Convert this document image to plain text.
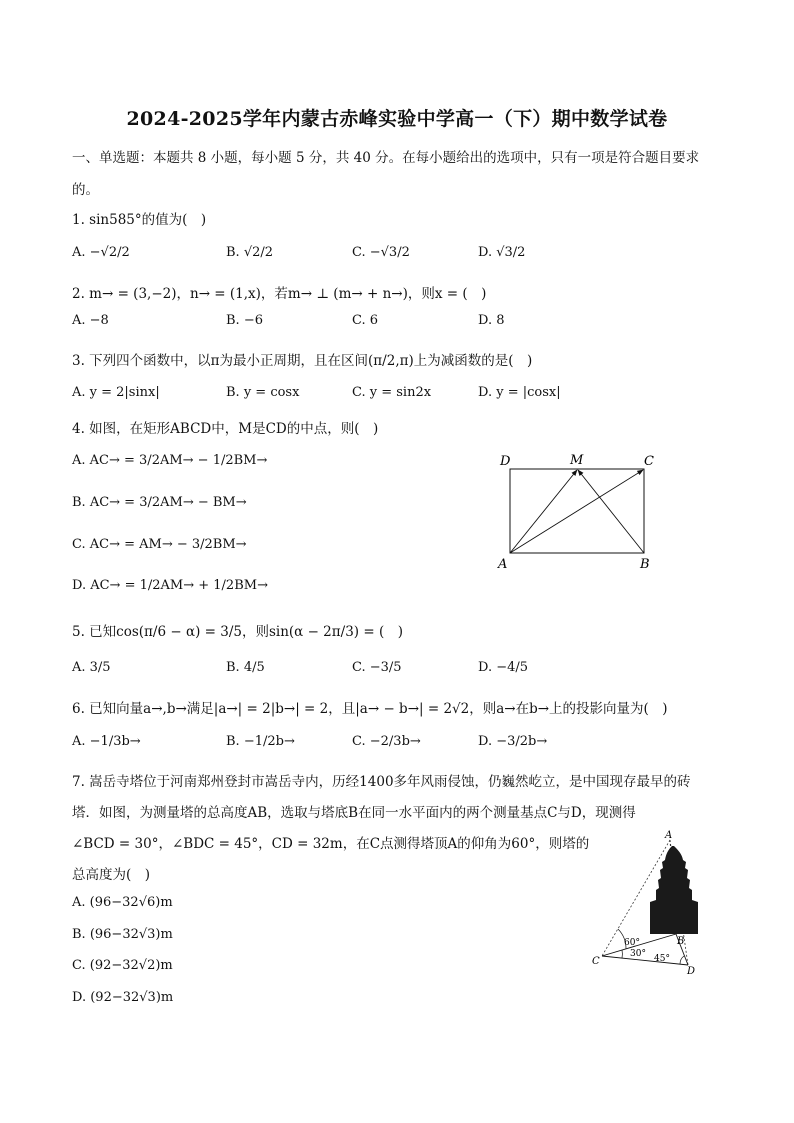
2024-2025学年内蒙古赤峰实验中学高一（下）期中数学试卷
一、单选题：本题共 8 小题，每小题 5 分，共 40 分。在每小题给出的选项中，只有一项是符合题目要求
的。
1. sin585°的值为(　)
A. −√2/2	B. √2/2	C. −√3/2	D. √3/2
2. m→ = (3,−2)，n→ = (1,x)，若m→ ⊥ (m→ + n→)，则x = (　)
A. −8	B. −6	C. 6	D. 8
3. 下列四个函数中，以π为最小正周期，且在区间(π/2,π)上为减函数的是(　)
A. y = 2|sinx|	B. y = cosx	C. y = sin2x	D. y = |cosx|
4. 如图，在矩形ABCD中，M是CD的中点，则(　)
A. AC→ = 3/2AM→ − 1/2BM→
B. AC→ = 3/2AM→ − BM→
C. AC→ = AM→ − 3/2BM→
D. AC→ = 1/2AM→ + 1/2BM→
D	M	C
A	B
5. 已知cos(π/6 − α) = 3/5，则sin(α − 2π/3) = (　)
A. 3/5	B. 4/5	C. −3/5	D. −4/5
6. 已知向量a→,b→满足|a→| = 2|b→| = 2，且|a→ − b→| = 2√2，则a→在b→上的投影向量为(　)
A. −1/3b→	B. −1/2b→	C. −2/3b→	D. −3/2b→
7. 嵩岳寺塔位于河南郑州登封市嵩岳寺内，历经1400多年风雨侵蚀，仍巍然屹立，是中国现存最早的砖
塔．如图，为测量塔的总高度AB，选取与塔底B在同一水平面内的两个测量基点C与D，现测得
∠BCD = 30°，∠BDC = 45°，CD = 32m，在C点测得塔顶A的仰角为60°，则塔的
总高度为(　)
A. (96−32√6)m
B. (96−32√3)m
C. (92−32√2)m
D. (92−32√3)m
A
B
C
D
60°
30° 45°
